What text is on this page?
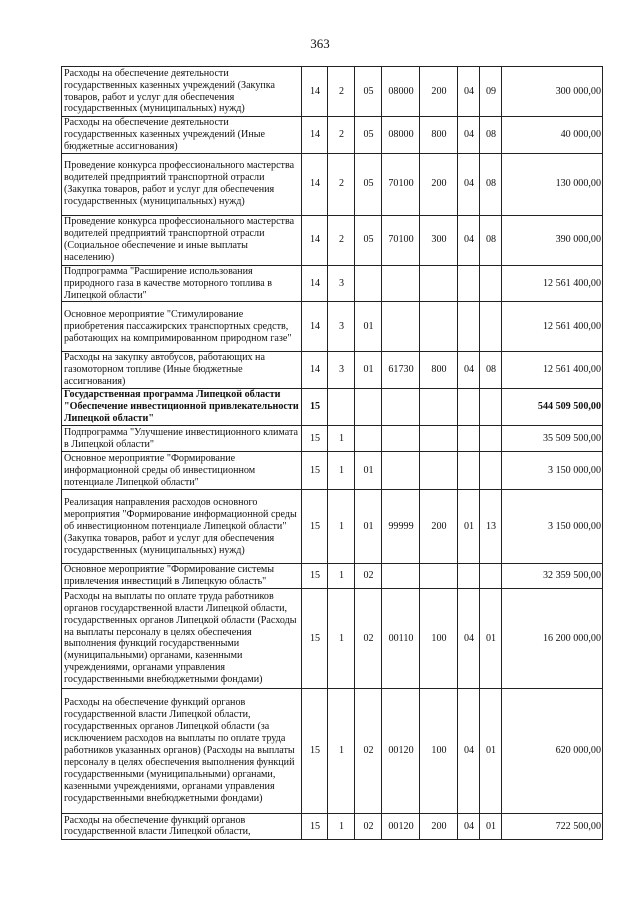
363
Расходы на обеспечение деятельности государственных казенных учреждений (Закупка товаров, работ и услуг для обеспечения государственных (муниципальных) нужд)	14	2	05	08000	200	04	09	300 000,00
Расходы на обеспечение деятельности государственных казенных учреждений (Иные бюджетные ассигнования)	14	2	05	08000	800	04	08	40 000,00
Проведение конкурса профессионального мастерства водителей предприятий транспортной отрасли (Закупка товаров, работ и услуг для обеспечения государственных (муниципальных) нужд)	14	2	05	70100	200	04	08	130 000,00
Проведение конкурса профессионального мастерства водителей предприятий транспортной отрасли (Социальное обеспечение и иные выплаты населению)	14	2	05	70100	300	04	08	390 000,00
Подпрограмма "Расширение использования природного газа в качестве моторного топлива в Липецкой области"	14	3						12 561 400,00
Основное мероприятие "Стимулирование приобретения пассажирских транспортных средств, работающих на компримированном природном газе"	14	3	01					12 561 400,00
Расходы на закупку автобусов, работающих на газомоторном топливе (Иные бюджетные ассигнования)	14	3	01	61730	800	04	08	12 561 400,00
Государственная программа Липецкой области "Обеспечение инвестиционной привлекательности Липецкой области"	15							544 509 500,00
Подпрограмма "Улучшение инвестиционного климата в Липецкой области"	15	1						35 509 500,00
Основное мероприятие "Формирование информационной среды об инвестиционном потенциале Липецкой области"	15	1	01					3 150 000,00
Реализация направления расходов основного мероприятия "Формирование информационной среды об инвестиционном потенциале Липецкой области" (Закупка товаров, работ и услуг для обеспечения государственных (муниципальных) нужд)	15	1	01	99999	200	01	13	3 150 000,00
Основное мероприятие "Формирование системы привлечения инвестиций в Липецкую область"	15	1	02					32 359 500,00
Расходы на выплаты по оплате труда работников органов государственной власти Липецкой области, государственных органов Липецкой области (Расходы на выплаты персоналу в целях обеспечения выполнения функций государственными (муниципальными) органами, казенными учреждениями, органами управления государственными внебюджетными фондами)	15	1	02	00110	100	04	01	16 200 000,00
Расходы на обеспечение функций органов государственной власти Липецкой области, государственных органов Липецкой области (за исключением расходов на выплаты по оплате труда работников указанных органов) (Расходы на выплаты персоналу в целях обеспечения выполнения функций государственными (муниципальными) органами, казенными учреждениями, органами управления государственными внебюджетными фондами)	15	1	02	00120	100	04	01	620 000,00
Расходы на обеспечение функций органов государственной власти Липецкой области,	15	1	02	00120	200	04	01	722 500,00
